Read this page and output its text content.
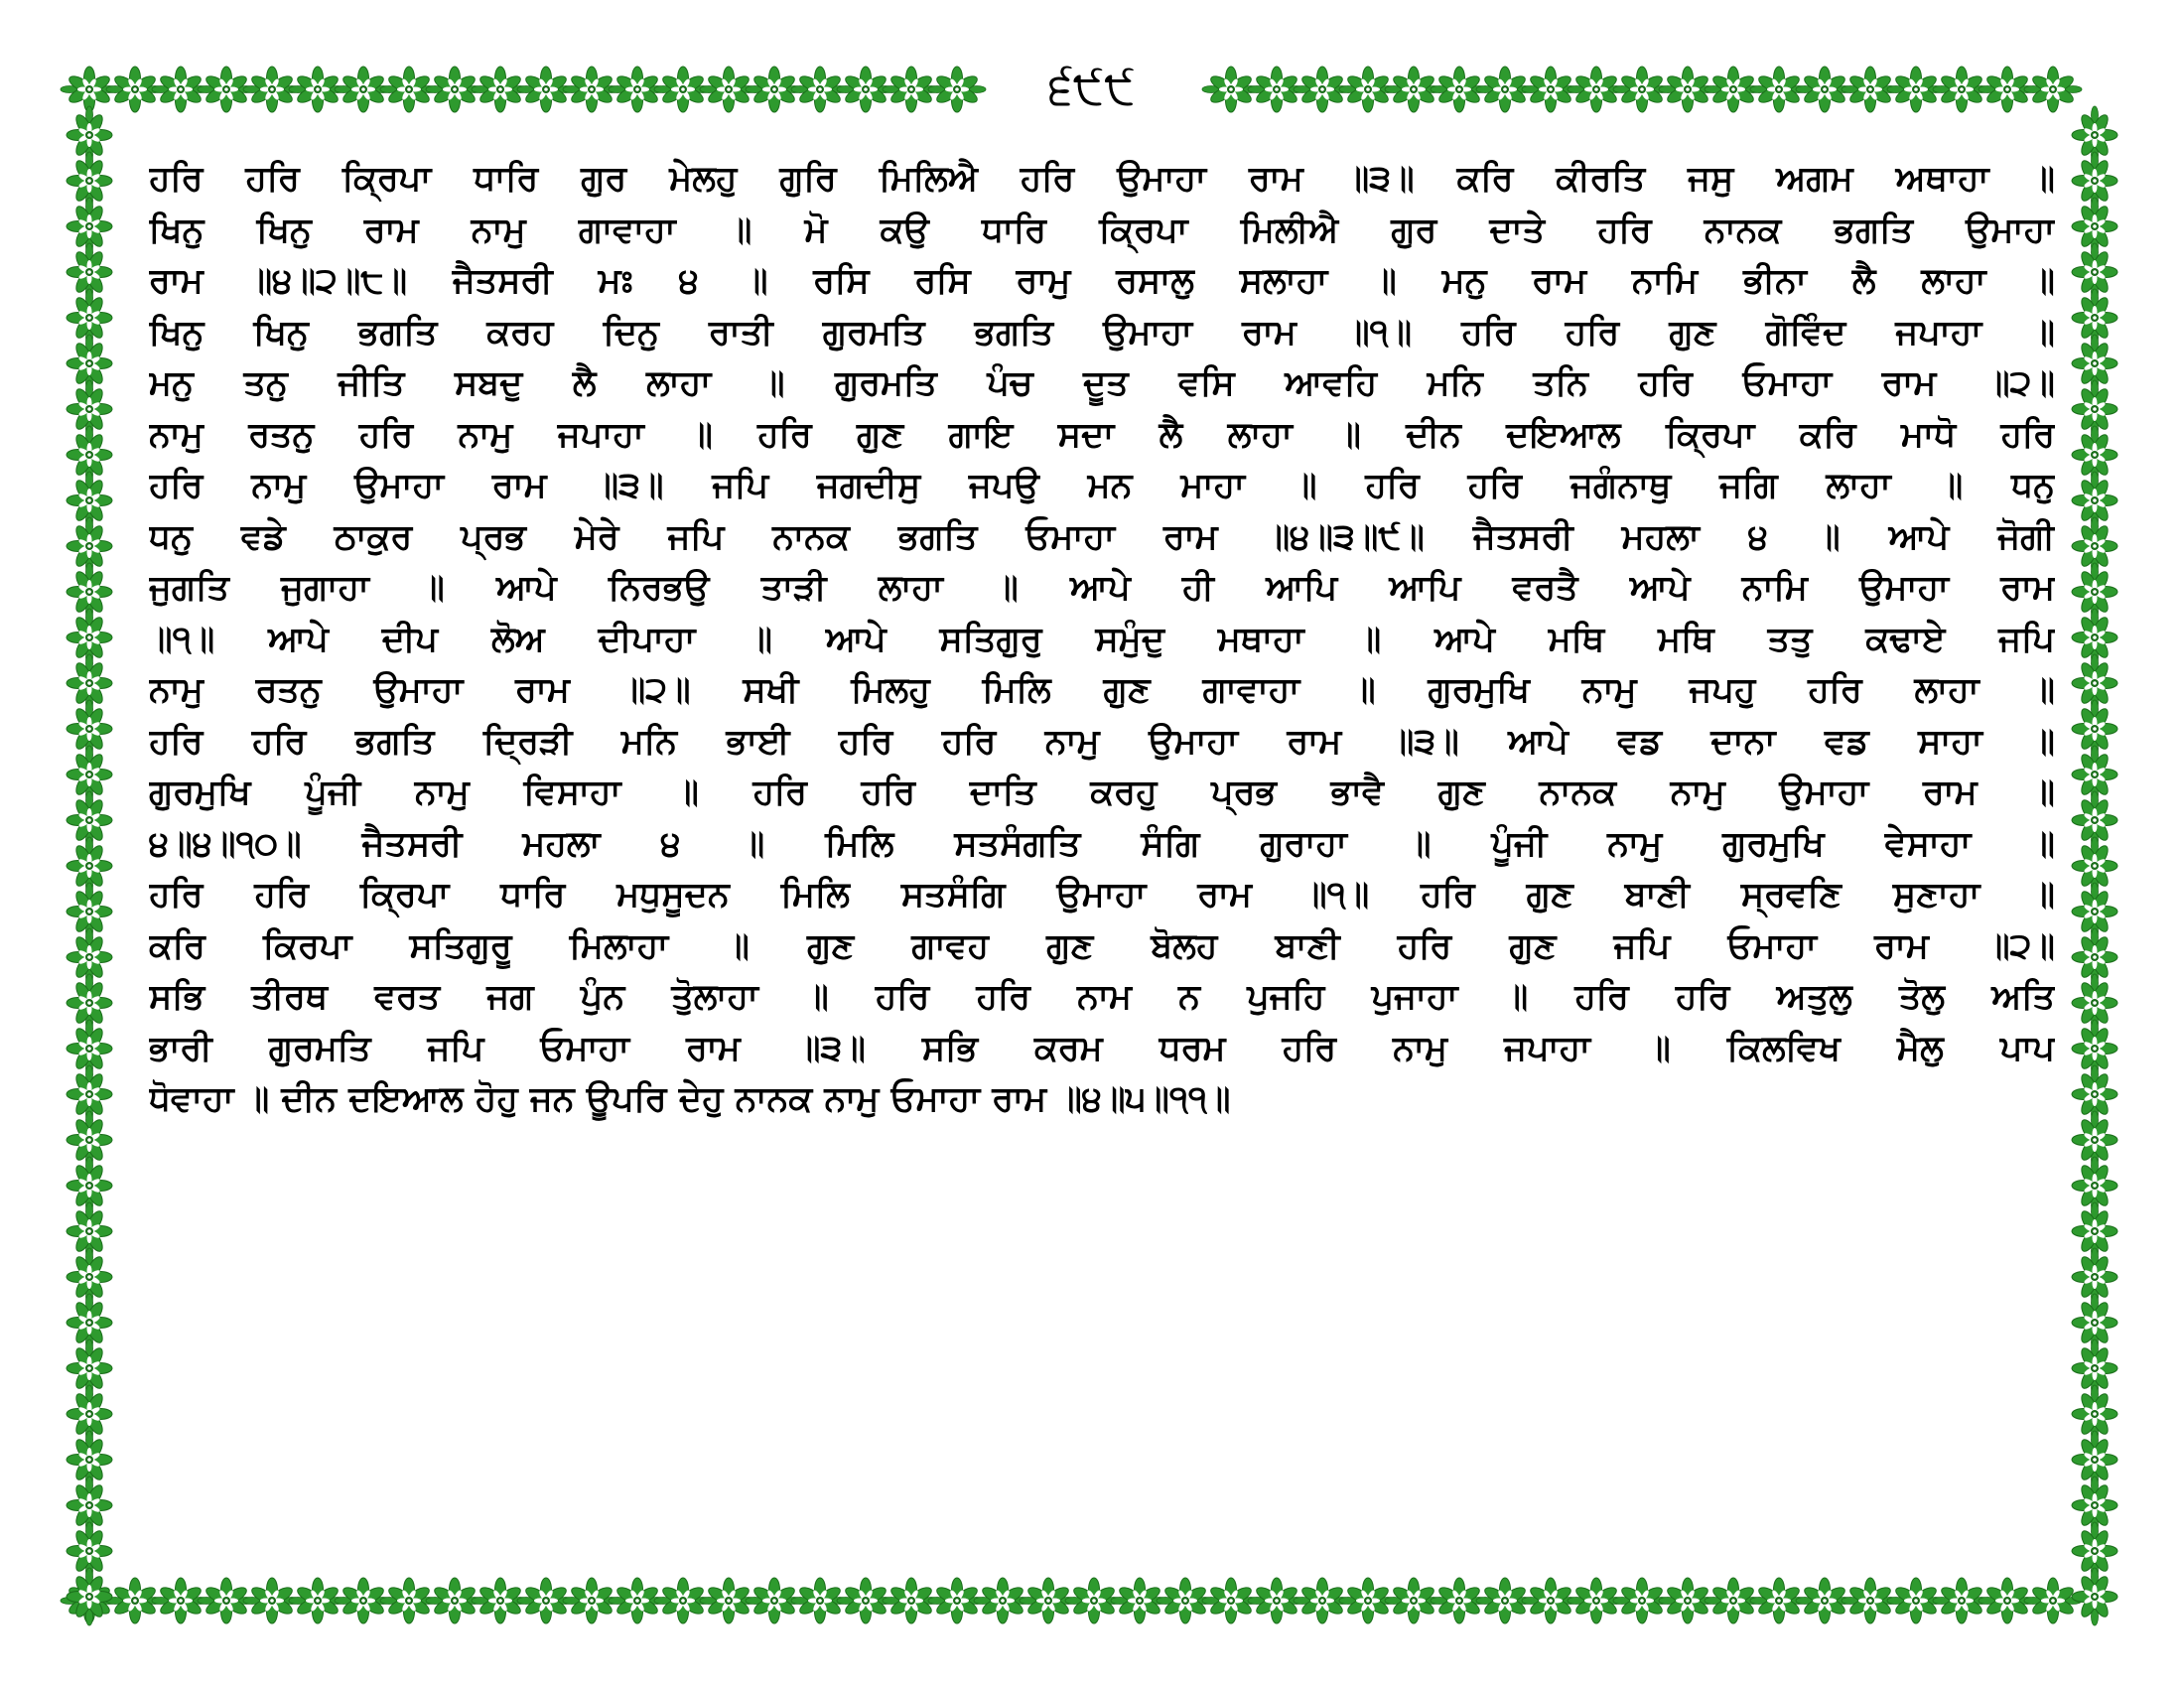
੬੯੯
ਹਰਿ ਹਰਿ ਕ੍ਰਿਪਾ ਧਾਰਿ ਗੁਰ ਮੇਲਹੁ ਗੁਰਿ ਮਿਲਿਐ ਹਰਿ ਉਮਾਹਾ ਰਾਮ ॥੩॥ ਕਰਿ ਕੀਰਤਿ ਜਸੁ ਅਗਮ ਅਥਾਹਾ ॥
ਖਿਨੁ ਖਿਨੁ ਰਾਮ ਨਾਮੁ ਗਾਵਾਹਾ ॥ ਮੋ ਕਉ ਧਾਰਿ ਕ੍ਰਿਪਾ ਮਿਲੀਐ ਗੁਰ ਦਾਤੇ ਹਰਿ ਨਾਨਕ ਭਗਤਿ ਉਮਾਹਾ
ਰਾਮ ॥੪॥੨॥੮॥ ਜੈਤਸਰੀ ਮਃ ੪ ॥ ਰਸਿ ਰਸਿ ਰਾਮੁ ਰਸਾਲੁ ਸਲਾਹਾ ॥ ਮਨੁ ਰਾਮ ਨਾਮਿ ਭੀਨਾ ਲੈ ਲਾਹਾ ॥
ਖਿਨੁ ਖਿਨੁ ਭਗਤਿ ਕਰਹ ਦਿਨੁ ਰਾਤੀ ਗੁਰਮਤਿ ਭਗਤਿ ਉਮਾਹਾ ਰਾਮ ॥੧॥ ਹਰਿ ਹਰਿ ਗੁਣ ਗੋਵਿੰਦ ਜਪਾਹਾ ॥
ਮਨੁ ਤਨੁ ਜੀਤਿ ਸਬਦੁ ਲੈ ਲਾਹਾ ॥ ਗੁਰਮਤਿ ਪੰਚ ਦੂਤ ਵਸਿ ਆਵਹਿ ਮਨਿ ਤਨਿ ਹਰਿ ਓਮਾਹਾ ਰਾਮ ॥੨॥
ਨਾਮੁ ਰਤਨੁ ਹਰਿ ਨਾਮੁ ਜਪਾਹਾ ॥ ਹਰਿ ਗੁਣ ਗਾਇ ਸਦਾ ਲੈ ਲਾਹਾ ॥ ਦੀਨ ਦਇਆਲ ਕ੍ਰਿਪਾ ਕਰਿ ਮਾਧੋ ਹਰਿ
ਹਰਿ ਨਾਮੁ ਉਮਾਹਾ ਰਾਮ ॥੩॥ ਜਪਿ ਜਗਦੀਸੁ ਜਪਉ ਮਨ ਮਾਹਾ ॥ ਹਰਿ ਹਰਿ ਜਗੰਨਾਥੁ ਜਗਿ ਲਾਹਾ ॥ ਧਨੁ
ਧਨੁ ਵਡੇ ਠਾਕੁਰ ਪ੍ਰਭ ਮੇਰੇ ਜਪਿ ਨਾਨਕ ਭਗਤਿ ਓਮਾਹਾ ਰਾਮ ॥੪॥੩॥੯॥ ਜੈਤਸਰੀ ਮਹਲਾ ੪ ॥ ਆਪੇ ਜੋਗੀ
ਜੁਗਤਿ ਜੁਗਾਹਾ ॥ ਆਪੇ ਨਿਰਭਉ ਤਾੜੀ ਲਾਹਾ ॥ ਆਪੇ ਹੀ ਆਪਿ ਆਪਿ ਵਰਤੈ ਆਪੇ ਨਾਮਿ ਉਮਾਹਾ ਰਾਮ
॥੧॥ ਆਪੇ ਦੀਪ ਲੋਅ ਦੀਪਾਹਾ ॥ ਆਪੇ ਸਤਿਗੁਰੁ ਸਮੁੰਦੁ ਮਥਾਹਾ ॥ ਆਪੇ ਮਥਿ ਮਥਿ ਤਤੁ ਕਢਾਏ ਜਪਿ
ਨਾਮੁ ਰਤਨੁ ਉਮਾਹਾ ਰਾਮ ॥੨॥ ਸਖੀ ਮਿਲਹੁ ਮਿਲਿ ਗੁਣ ਗਾਵਾਹਾ ॥ ਗੁਰਮੁਖਿ ਨਾਮੁ ਜਪਹੁ ਹਰਿ ਲਾਹਾ ॥
ਹਰਿ ਹਰਿ ਭਗਤਿ ਦ੍ਰਿੜੀ ਮਨਿ ਭਾਈ ਹਰਿ ਹਰਿ ਨਾਮੁ ਉਮਾਹਾ ਰਾਮ ॥੩॥ ਆਪੇ ਵਡ ਦਾਨਾ ਵਡ ਸਾਹਾ ॥
ਗੁਰਮੁਖਿ ਪੂੰਜੀ ਨਾਮੁ ਵਿਸਾਹਾ ॥ ਹਰਿ ਹਰਿ ਦਾਤਿ ਕਰਹੁ ਪ੍ਰਭ ਭਾਵੈ ਗੁਣ ਨਾਨਕ ਨਾਮੁ ਉਮਾਹਾ ਰਾਮ ॥
੪॥੪॥੧੦॥ ਜੈਤਸਰੀ ਮਹਲਾ ੪ ॥ ਮਿਲਿ ਸਤਸੰਗਤਿ ਸੰਗਿ ਗੁਰਾਹਾ ॥ ਪੂੰਜੀ ਨਾਮੁ ਗੁਰਮੁਖਿ ਵੇਸਾਹਾ ॥
ਹਰਿ ਹਰਿ ਕ੍ਰਿਪਾ ਧਾਰਿ ਮਧੁਸੂਦਨ ਮਿਲਿ ਸਤਸੰਗਿ ਉਮਾਹਾ ਰਾਮ ॥੧॥ ਹਰਿ ਗੁਣ ਬਾਣੀ ਸ੍ਰਵਣਿ ਸੁਣਾਹਾ ॥
ਕਰਿ ਕਿਰਪਾ ਸਤਿਗੁਰੂ ਮਿਲਾਹਾ ॥ ਗੁਣ ਗਾਵਹ ਗੁਣ ਬੋਲਹ ਬਾਣੀ ਹਰਿ ਗੁਣ ਜਪਿ ਓਮਾਹਾ ਰਾਮ ॥੨॥
ਸਭਿ ਤੀਰਥ ਵਰਤ ਜਗ ਪੁੰਨ ਤੋੁਲਾਹਾ ॥ ਹਰਿ ਹਰਿ ਨਾਮ ਨ ਪੁਜਹਿ ਪੁਜਾਹਾ ॥ ਹਰਿ ਹਰਿ ਅਤੁਲੁ ਤੋਲੁ ਅਤਿ
ਭਾਰੀ ਗੁਰਮਤਿ ਜਪਿ ਓਮਾਹਾ ਰਾਮ ॥੩॥ ਸਭਿ ਕਰਮ ਧਰਮ ਹਰਿ ਨਾਮੁ ਜਪਾਹਾ ॥ ਕਿਲਵਿਖ ਮੈਲੁ ਪਾਪ
ਧੋਵਾਹਾ ॥ ਦੀਨ ਦਇਆਲ ਹੋਹੁ ਜਨ ਊਪਰਿ ਦੇਹੁ ਨਾਨਕ ਨਾਮੁ ਓਮਾਹਾ ਰਾਮ ॥੪॥੫॥੧੧॥
